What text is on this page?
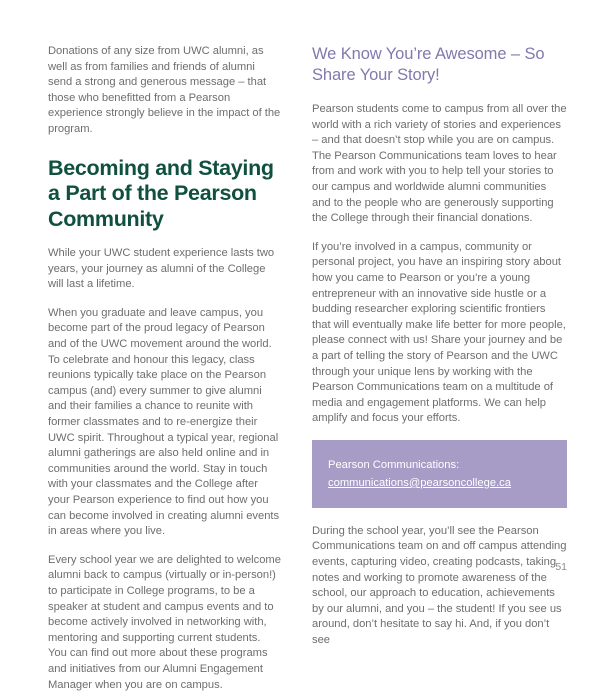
Donations of any size from UWC alumni, as well as from families and friends of alumni send a strong and generous message – that those who benefitted from a Pearson experience strongly believe in the impact of the program.

Becoming and Staying a Part of the Pearson Community

While your UWC student experience lasts two years, your journey as alumni of the College will last a lifetime.

When you graduate and leave campus, you become part of the proud legacy of Pearson and of the UWC movement around the world. To celebrate and honour this legacy, class reunions typically take place on the Pearson campus (and) every summer to give alumni and their families a chance to reunite with former classmates and to re-energize their UWC spirit. Throughout a typical year, regional alumni gatherings are also held online and in communities around the world. Stay in touch with your classmates and the College after your Pearson experience to find out how you can become involved in creating alumni events in areas where you live.

Every school year we are delighted to welcome alumni back to campus (virtually or in-person!) to participate in College programs, to be a speaker at student and campus events and to become actively involved in networking with, mentoring and supporting current students. You can find out more about these programs and initiatives from our Alumni Engagement Manager when you are on campus.

We Know You’re Awesome – So Share Your Story!

Pearson students come to campus from all over the world with a rich variety of stories and experiences – and that doesn’t stop while you are on campus. The Pearson Communications team loves to hear from and work with you to help tell your stories to our campus and worldwide alumni communities and to the people who are generously supporting the College through their financial donations.

If you’re involved in a campus, community or personal project, you have an inspiring story about how you came to Pearson or you’re a young entrepreneur with an innovative side hustle or a budding researcher exploring scientific frontiers that will eventually make life better for more people, please connect with us! Share your journey and be a part of telling the story of Pearson and the UWC through your unique lens by working with the Pearson Communications team on a multitude of media and engagement platforms. We can help amplify and focus your efforts.

Pearson Communications:
communications@pearsoncollege.ca

During the school year, you’ll see the Pearson Communications team on and off campus attending events, capturing video, creating podcasts, taking notes and working to promote awareness of the school, our approach to education, achievements by our alumni, and you – the student! If you see us around, don’t hesitate to say hi. And, if you don’t see

51
